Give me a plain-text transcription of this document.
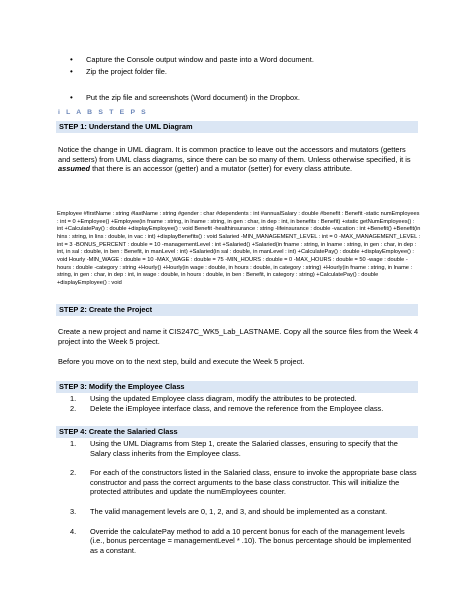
• Capture the Console output window and paste into a Word document.
• Zip the project folder file.
• Put the zip file and screenshots (Word document) in the Dropbox.
i L A B S T E P S
STEP 1: Understand the UML Diagram
Notice the change in UML diagram. It is common practice to leave out the accessors and mutators (getters and setters) from UML class diagrams, since there can be so many of them. Unless otherwise specified, it is assumed that there is an accessor (getter) and a mutator (setter) for every class attribute.
Employee #firstName : string #lastName : string #gender : char #dependents : int #annualSalary : double #benefit : Benefit -static numEmployees : int = 0 +Employee() +Employee(in fname : string, in lname : string, in gen : char, in dep : int, in benefits : Benefit) +static getNumEmployees() : int +CalculatePay() : double +displayEmployee() : void Benefit -healthinsurance : string -lifeinsurance : double -vacation : int +Benefit() +Benefit(in hins : string, in lins : double, in vac : int) +displayBenefits() : void Salaried -MIN_MANAGEMENT_LEVEL : int = 0 -MAX_MANAGEMENT_LEVEL : int = 3 -BONUS_PERCENT : double = 10 -managementLevel : int +Salaried() +Salaried(in fname : string, in lname : string, in gen : char, in dep : int, in sal : double, in ben : Benefit, in manLevel : int) +Salaried(in sal : double, in manLevel : int) +CalculatePay() : double +displayEmployee() : void Hourly -MIN_WAGE : double = 10 -MAX_WAGE : double = 75 -MIN_HOURS : double = 0 -MAX_HOURS : double = 50 -wage : double -hours : double -category : string +Hourly() +Hourly(in wage : double, in hours : double, in category : string) +Hourly(in fname : string, in lname : string, in gen : char, in dep : int, in wage : double, in hours : double, in ben : Benefit, in category : string) +CalculatePay() : double +displayEmployee() : void
STEP 2: Create the Project
Create a new project and name it CIS247C_WK5_Lab_LASTNAME. Copy all the source files from the Week 4 project into the Week 5 project.
Before you move on to the next step, build and execute the Week 5 project.
STEP 3: Modify the Employee Class
1. Using the updated Employee class diagram, modify the attributes to be protected.
2. Delete the iEmployee interface class, and remove the reference from the Employee class.
STEP 4: Create the Salaried Class
1. Using the UML Diagrams from Step 1, create the Salaried classes, ensuring to specify that the Salary class inherits from the Employee class.
2. For each of the constructors listed in the Salaried class, ensure to invoke the appropriate base class constructor and pass the correct arguments to the base class constructor. This will initialize the protected attributes and update the numEmployees counter.
3. The valid management levels are 0, 1, 2, and 3, and should be implemented as a constant.
4. Override the calculatePay method to add a 10 percent bonus for each of the management levels (i.e., bonus percentage = managementLevel * .10). The bonus percentage should be implemented as a constant.
